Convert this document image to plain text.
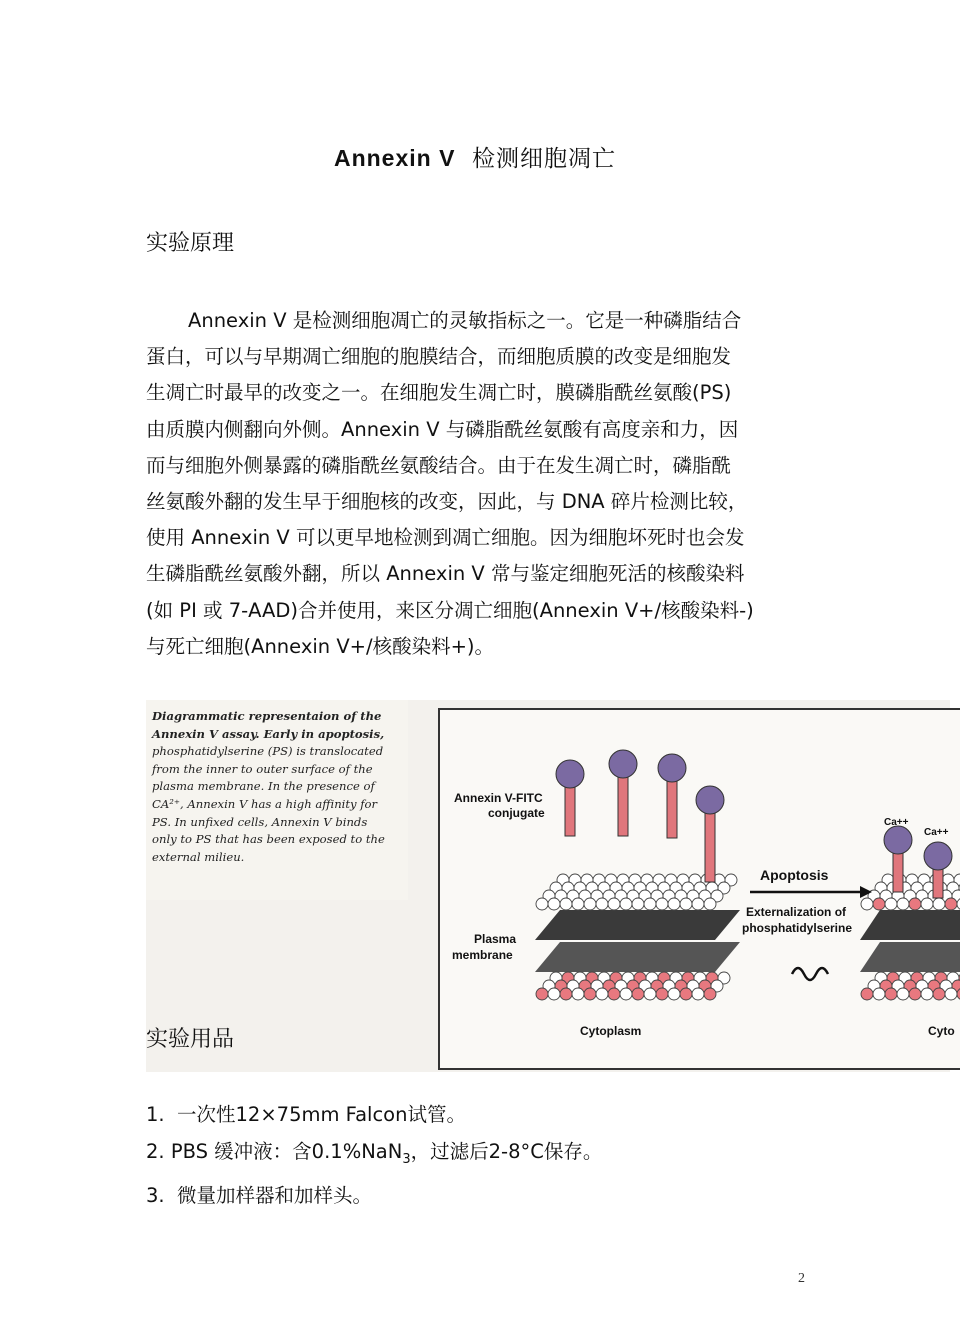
Annexin V 检测细胞凋亡
实验原理
Annexin V 是检测细胞凋亡的灵敏指标之一。它是一种磷脂结合
蛋白，可以与早期凋亡细胞的胞膜结合，而细胞质膜的改变是细胞发
生凋亡时最早的改变之一。在细胞发生凋亡时，膜磷脂酰丝氨酸(PS)
由质膜内侧翻向外侧。Annexin V 与磷脂酰丝氨酸有高度亲和力，因
而与细胞外侧暴露的磷脂酰丝氨酸结合。由于在发生凋亡时，磷脂酰
丝氨酸外翻的发生早于细胞核的改变，因此，与 DNA 碎片检测比较，
使用 Annexin V 可以更早地检测到凋亡细胞。因为细胞坏死时也会发
生磷脂酰丝氨酸外翻，所以 Annexin V 常与鉴定细胞死活的核酸染料
(如 PI 或 7-AAD)合并使用，来区分凋亡细胞(Annexin V+/核酸染料-)
与死亡细胞(Annexin V+/核酸染料+)。
Diagrammatic representaion of the
Annexin V assay. Early in apoptosis,
phosphatidylserine (PS) is translocated
from the inner to outer surface of the
plasma membrane. In the presence of
CA²⁺, Annexin V has a high affinity for
PS. In unfixed cells, Annexin V binds
only to PS that has been exposed to the
external milieu.
Annexin V-FITC
conjugate
Plasma
membrane
Apoptosis
Externalization of
phosphatidylserine
Cytoplasm	Cyto
Ca++
Ca++
实验用品
1. 一次性12×75mm Falcon试管。
2. PBS 缓冲液：含0.1%NaN$_3$，过滤后2-8°C保存。
3. 微量加样器和加样头。
2
